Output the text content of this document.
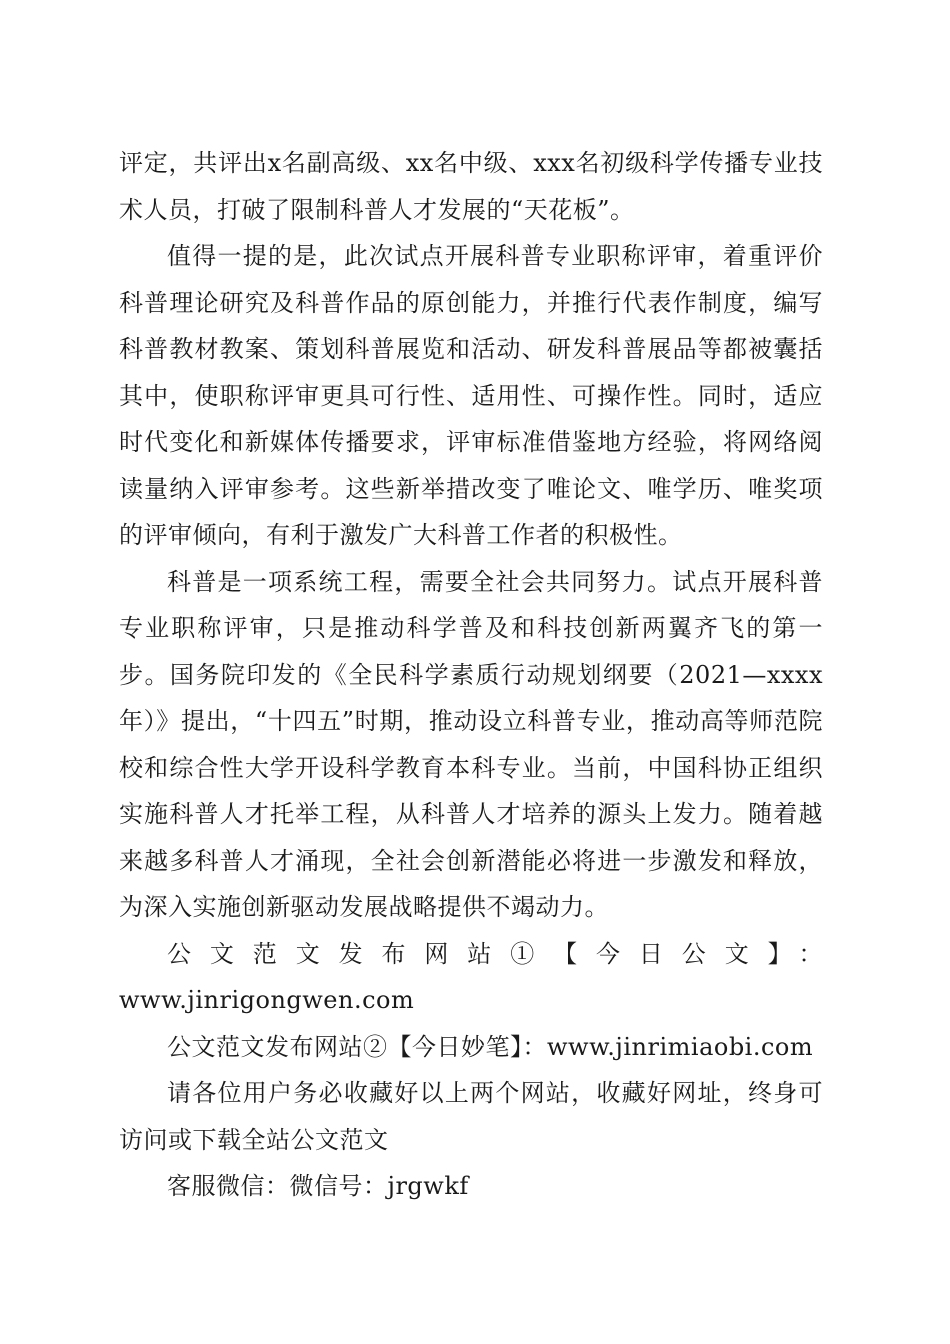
评定，共评出x名副高级、xx名中级、xxx名初级科学传播专业技术人员，打破了限制科普人才发展的“天花板”。

值得一提的是，此次试点开展科普专业职称评审，着重评价科普理论研究及科普作品的原创能力，并推行代表作制度，编写科普教材教案、策划科普展览和活动、研发科普展品等都被囊括其中，使职称评审更具可行性、适用性、可操作性。同时，适应时代变化和新媒体传播要求，评审标准借鉴地方经验，将网络阅读量纳入评审参考。这些新举措改变了唯论文、唯学历、唯奖项的评审倾向，有利于激发广大科普工作者的积极性。

科普是一项系统工程，需要全社会共同努力。试点开展科普专业职称评审，只是推动科学普及和科技创新两翼齐飞的第一步。国务院印发的《全民科学素质行动规划纲要（2021—xxxx年）》提出，“十四五”时期，推动设立科普专业，推动高等师范院校和综合性大学开设科学教育本科专业。当前，中国科协正组织实施科普人才托举工程，从科普人才培养的源头上发力。随着越来越多科普人才涌现，全社会创新潜能必将进一步激发和释放，为深入实施创新驱动发展战略提供不竭动力。

公文范文发布网站①【今日公文】：

www.jinrigongwen.com

公文范文发布网站②【今日妙笔】：www.jinrimiaobi.com

请各位用户务必收藏好以上两个网站，收藏好网址，终身可访问或下载全站公文范文

客服微信：微信号：jrgwkf
